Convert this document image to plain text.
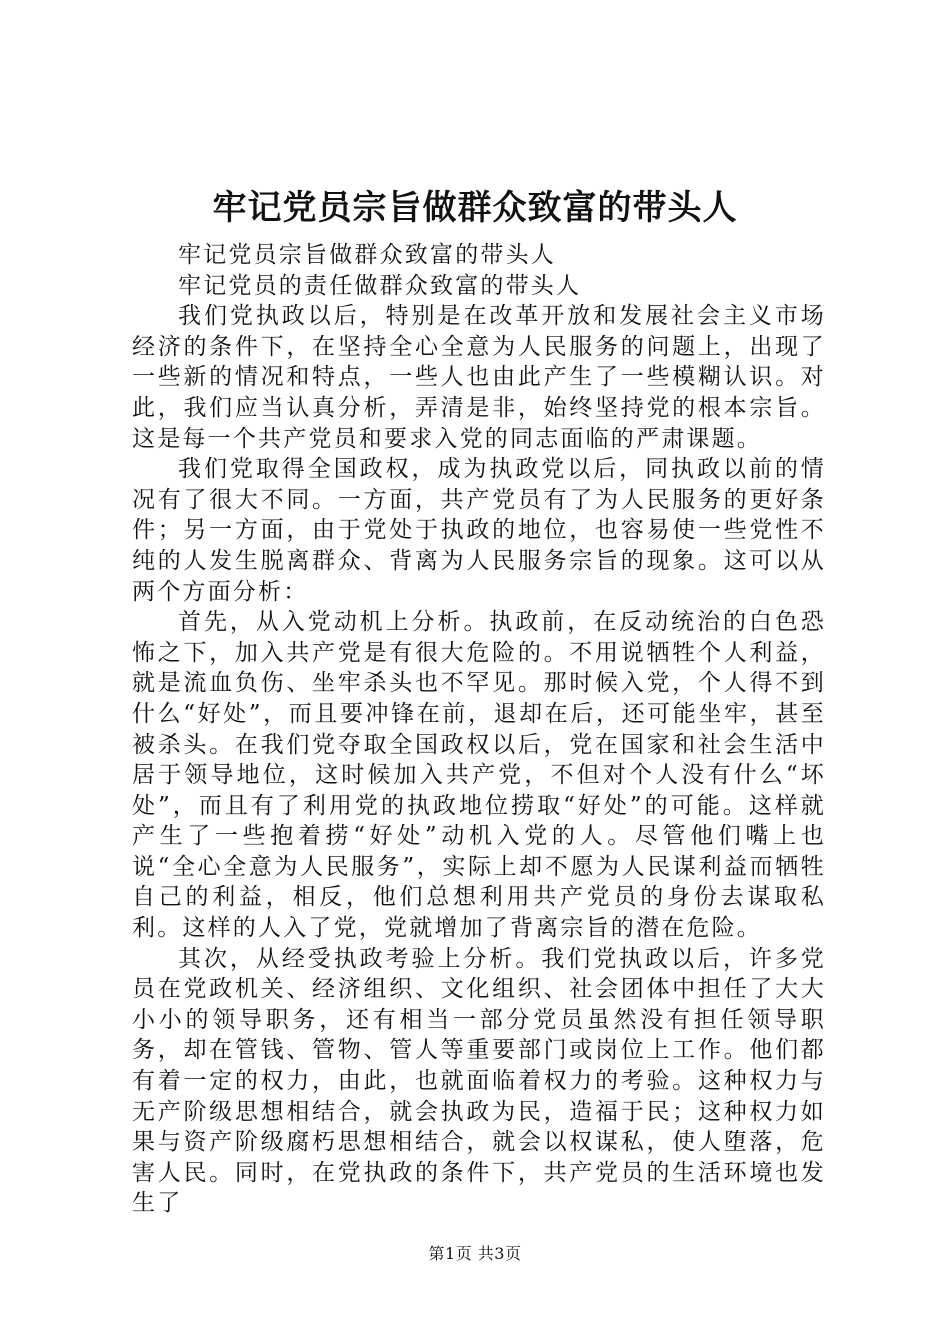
牢记党员宗旨做群众致富的带头人

牢记党员宗旨做群众致富的带头人

牢记党员的责任做群众致富的带头人

我们党执政以后，特别是在改革开放和发展社会主义市场经济的条件下，在坚持全心全意为人民服务的问题上，出现了一些新的情况和特点，一些人也由此产生了一些模糊认识。对此，我们应当认真分析，弄清是非，始终坚持党的根本宗旨。这是每一个共产党员和要求入党的同志面临的严肃课题。

我们党取得全国政权，成为执政党以后，同执政以前的情况有了很大不同。一方面，共产党员有了为人民服务的更好条件；另一方面，由于党处于执政的地位，也容易使一些党性不纯的人发生脱离群众、背离为人民服务宗旨的现象。这可以从两个方面分析：

首先，从入党动机上分析。执政前，在反动统治的白色恐怖之下，加入共产党是有很大危险的。不用说牺牲个人利益，就是流血负伤、坐牢杀头也不罕见。那时候入党，个人得不到什么“好处”，而且要冲锋在前，退却在后，还可能坐牢，甚至被杀头。在我们党夺取全国政权以后，党在国家和社会生活中居于领导地位，这时候加入共产党，不但对个人没有什么“坏处”，而且有了利用党的执政地位捞取“好处”的可能。这样就产生了一些抱着捞“好处”动机入党的人。尽管他们嘴上也说“全心全意为人民服务”，实际上却不愿为人民谋利益而牺牲自己的利益，相反，他们总想利用共产党员的身份去谋取私利。这样的人入了党，党就增加了背离宗旨的潜在危险。

其次，从经受执政考验上分析。我们党执政以后，许多党员在党政机关、经济组织、文化组织、社会团体中担任了大大小小的领导职务，还有相当一部分党员虽然没有担任领导职务，却在管钱、管物、管人等重要部门或岗位上工作。他们都有着一定的权力，由此，也就面临着权力的考验。这种权力与无产阶级思想相结合，就会执政为民，造福于民；这种权力如果与资产阶级腐朽思想相结合，就会以权谋私，使人堕落，危害人民。同时，在党执政的条件下，共产党员的生活环境也发生了

第1页 共3页
